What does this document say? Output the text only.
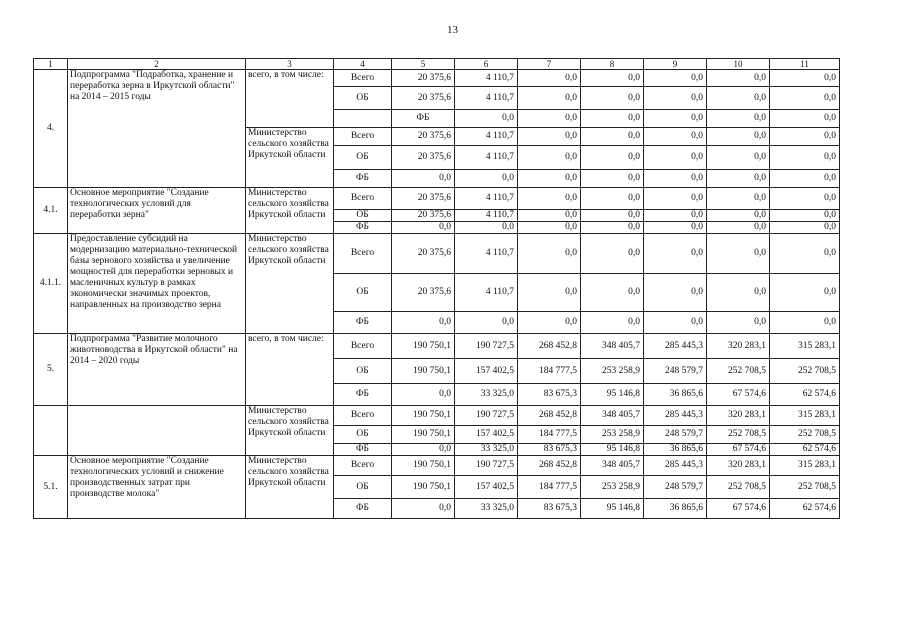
13
1	2	3	4	5	6	7	8	9	10	11	
4.	Подпрограмма "Подработка, хранение и переработка зерна в Иркутской области" на 2014 – 2015 годы	всего, в том числе:	Всего	20 375,6	4 110,7	0,0	0,0	0,0	0,0	0,0	
			ОБ	20 375,6	4 110,7	0,0	0,0	0,0	0,0	0,0	
				ФБ	0,0	0,0	0,0	0,0	0,0	0,0	
		Министерство сельского хозяйства Иркутской области	Всего	20 375,6	4 110,7	0,0	0,0	0,0	0,0	0,0	
			ОБ	20 375,6	4 110,7	0,0	0,0	0,0	0,0	0,0	
			ФБ	0,0	0,0	0,0	0,0	0,0	0,0	0,0	
4.1.	Основное мероприятие "Создание технологических условий для переработки зерна"	Министерство сельского хозяйства Иркутской области	Всего	20 375,6	4 110,7	0,0	0,0	0,0	0,0	0,0	
			ОБ	20 375,6	4 110,7	0,0	0,0	0,0	0,0	0,0	
			ФБ	0,0	0,0	0,0	0,0	0,0	0,0	0,0	
4.1.1.	Предоставление субсидий на модернизацию материально-технической базы зернового хозяйства и увеличение мощностей для переработки зерновых и масленичных культур в рамках экономически значимых проектов, направленных на производство зерна	Министерство сельского хозяйства Иркутской области	Всего	20 375,6	4 110,7	0,0	0,0	0,0	0,0	0,0	
			ОБ	20 375,6	4 110,7	0,0	0,0	0,0	0,0	0,0	
			ФБ	0,0	0,0	0,0	0,0	0,0	0,0	0,0	
5.	Подпрограмма "Развитие молочного животноводства в Иркутской области" на 2014 – 2020 годы	всего, в том числе:	Всего	190 750,1	190 727,5	268 452,8	348 405,7	285 445,3	320 283,1	315 283,1	
			ОБ	190 750,1	157 402,5	184 777,5	253 258,9	248 579,7	252 708,5	252 708,5	
			ФБ	0,0	33 325,0	83 675,3	95 146,8	36 865,6	67 574,6	62 574,6	
		Министерство сельского хозяйства Иркутской области	Всего	190 750,1	190 727,5	268 452,8	348 405,7	285 445,3	320 283,1	315 283,1	
			ОБ	190 750,1	157 402,5	184 777,5	253 258,9	248 579,7	252 708,5	252 708,5	
			ФБ	0,0	33 325,0	83 675,3	95 146,8	36 865,6	67 574,6	62 574,6	
5.1.	Основное мероприятие "Создание технологических условий и снижение производственных затрат при производстве молока"	Министерство сельского хозяйства Иркутской области	Всего	190 750,1	190 727,5	268 452,8	348 405,7	285 445,3	320 283,1	315 283,1	
			ОБ	190 750,1	157 402,5	184 777,5	253 258,9	248 579,7	252 708,5	252 708,5	
			ФБ	0,0	33 325,0	83 675,3	95 146,8	36 865,6	67 574,6	62 574,6	
